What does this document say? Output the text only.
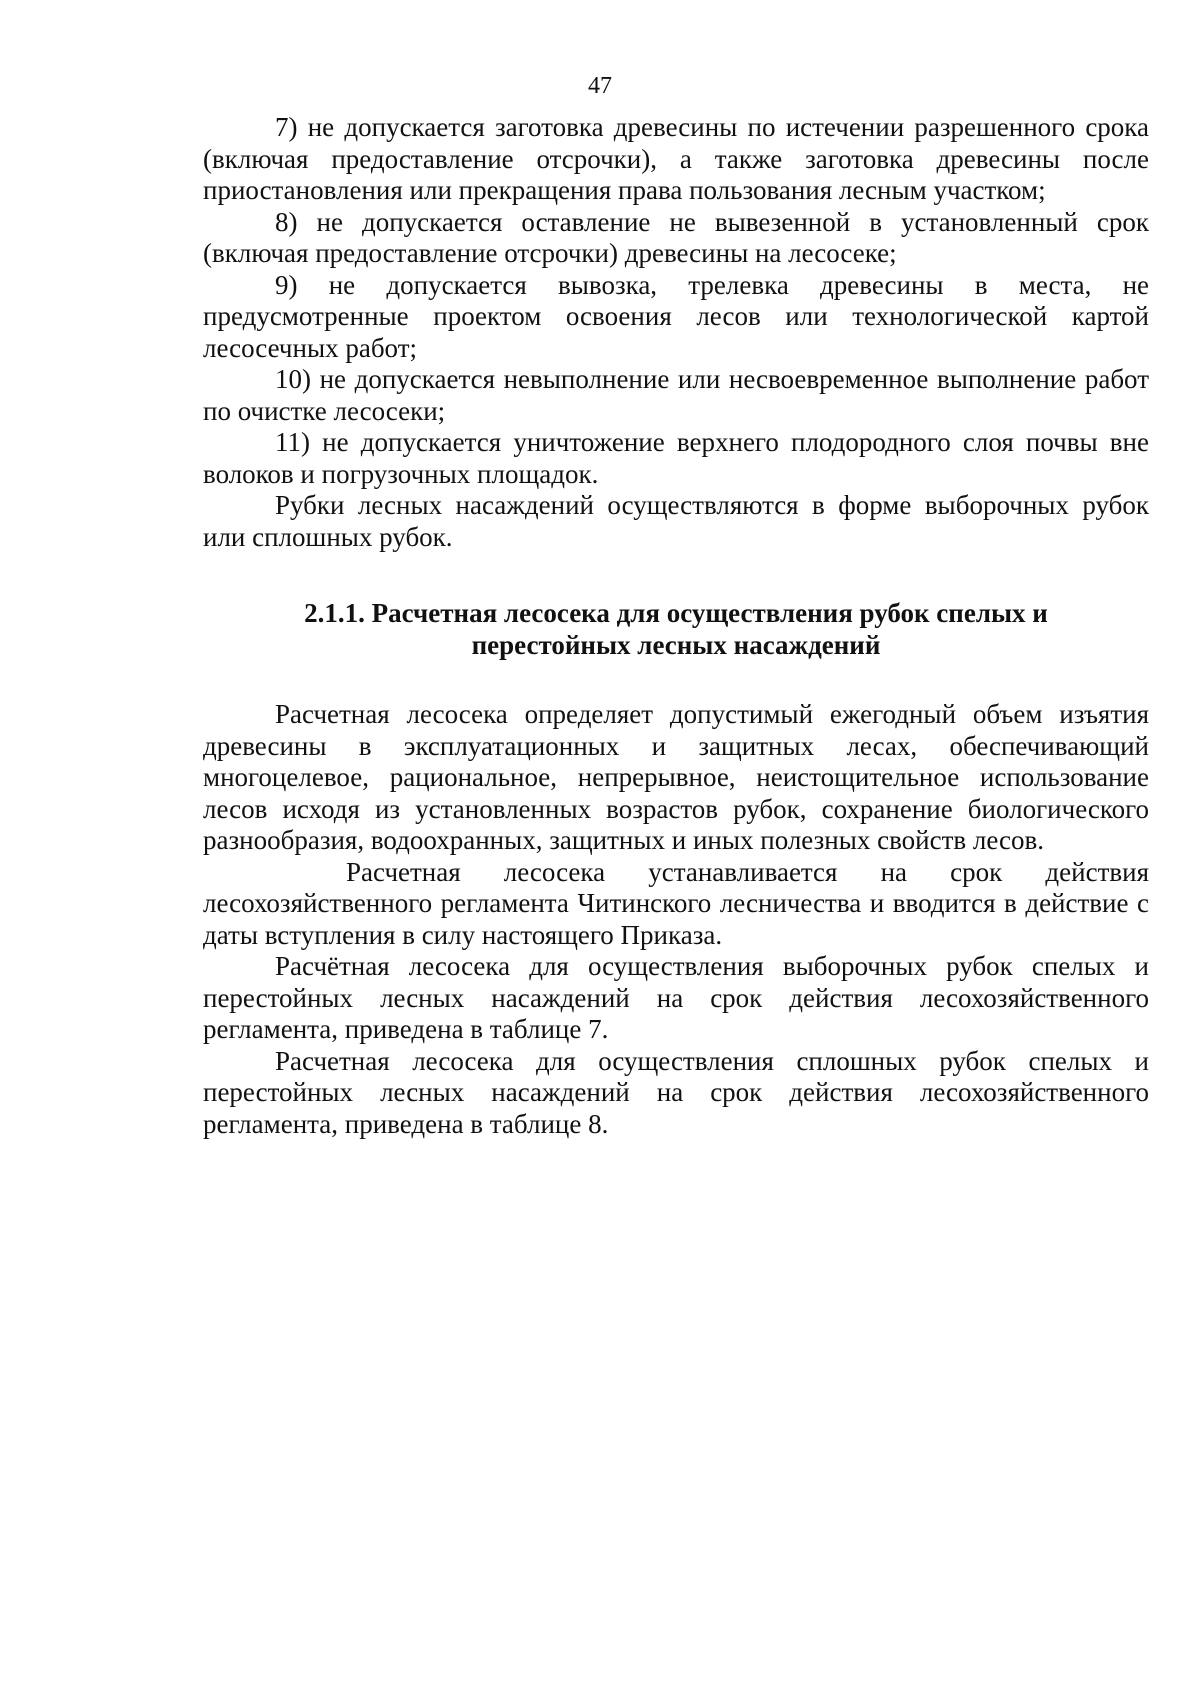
47

7) не допускается заготовка древесины по истечении разрешенного срока (включая предоставление отсрочки), а также заготовка древесины после приостановления или прекращения права пользования лесным участком;

8) не допускается оставление не вывезенной в установленный срок (включая предоставление отсрочки) древесины на лесосеке;

9) не допускается вывозка, трелевка древесины в места, не предусмотренные проектом освоения лесов или технологической картой лесосечных работ;

10) не допускается невыполнение или несвоевременное выполнение работ по очистке лесосеки;

11) не допускается уничтожение верхнего плодородного слоя почвы вне волоков и погрузочных площадок.

Рубки лесных насаждений осуществляются в форме выборочных рубок или сплошных рубок.

2.1.1. Расчетная лесосека для осуществления рубок спелых и перестойных лесных насаждений

Расчетная лесосека определяет допустимый ежегодный объем изъятия древесины в эксплуатационных и защитных лесах, обеспечивающий многоцелевое, рациональное, непрерывное, неистощительное использование лесов исходя из установленных возрастов рубок, сохранение биологического разнообразия, водоохранных, защитных и иных полезных свойств лесов.

Расчетная лесосека устанавливается на срок действия лесохозяйственного регламента Читинского лесничества и вводится в действие с даты вступления в силу настоящего Приказа.

Расчётная лесосека для осуществления выборочных рубок спелых и перестойных лесных насаждений на срок действия лесохозяйственного регламента, приведена в таблице 7.

Расчетная лесосека для осуществления сплошных рубок спелых и перестойных лесных насаждений на срок действия лесохозяйственного регламента, приведена в таблице 8.
